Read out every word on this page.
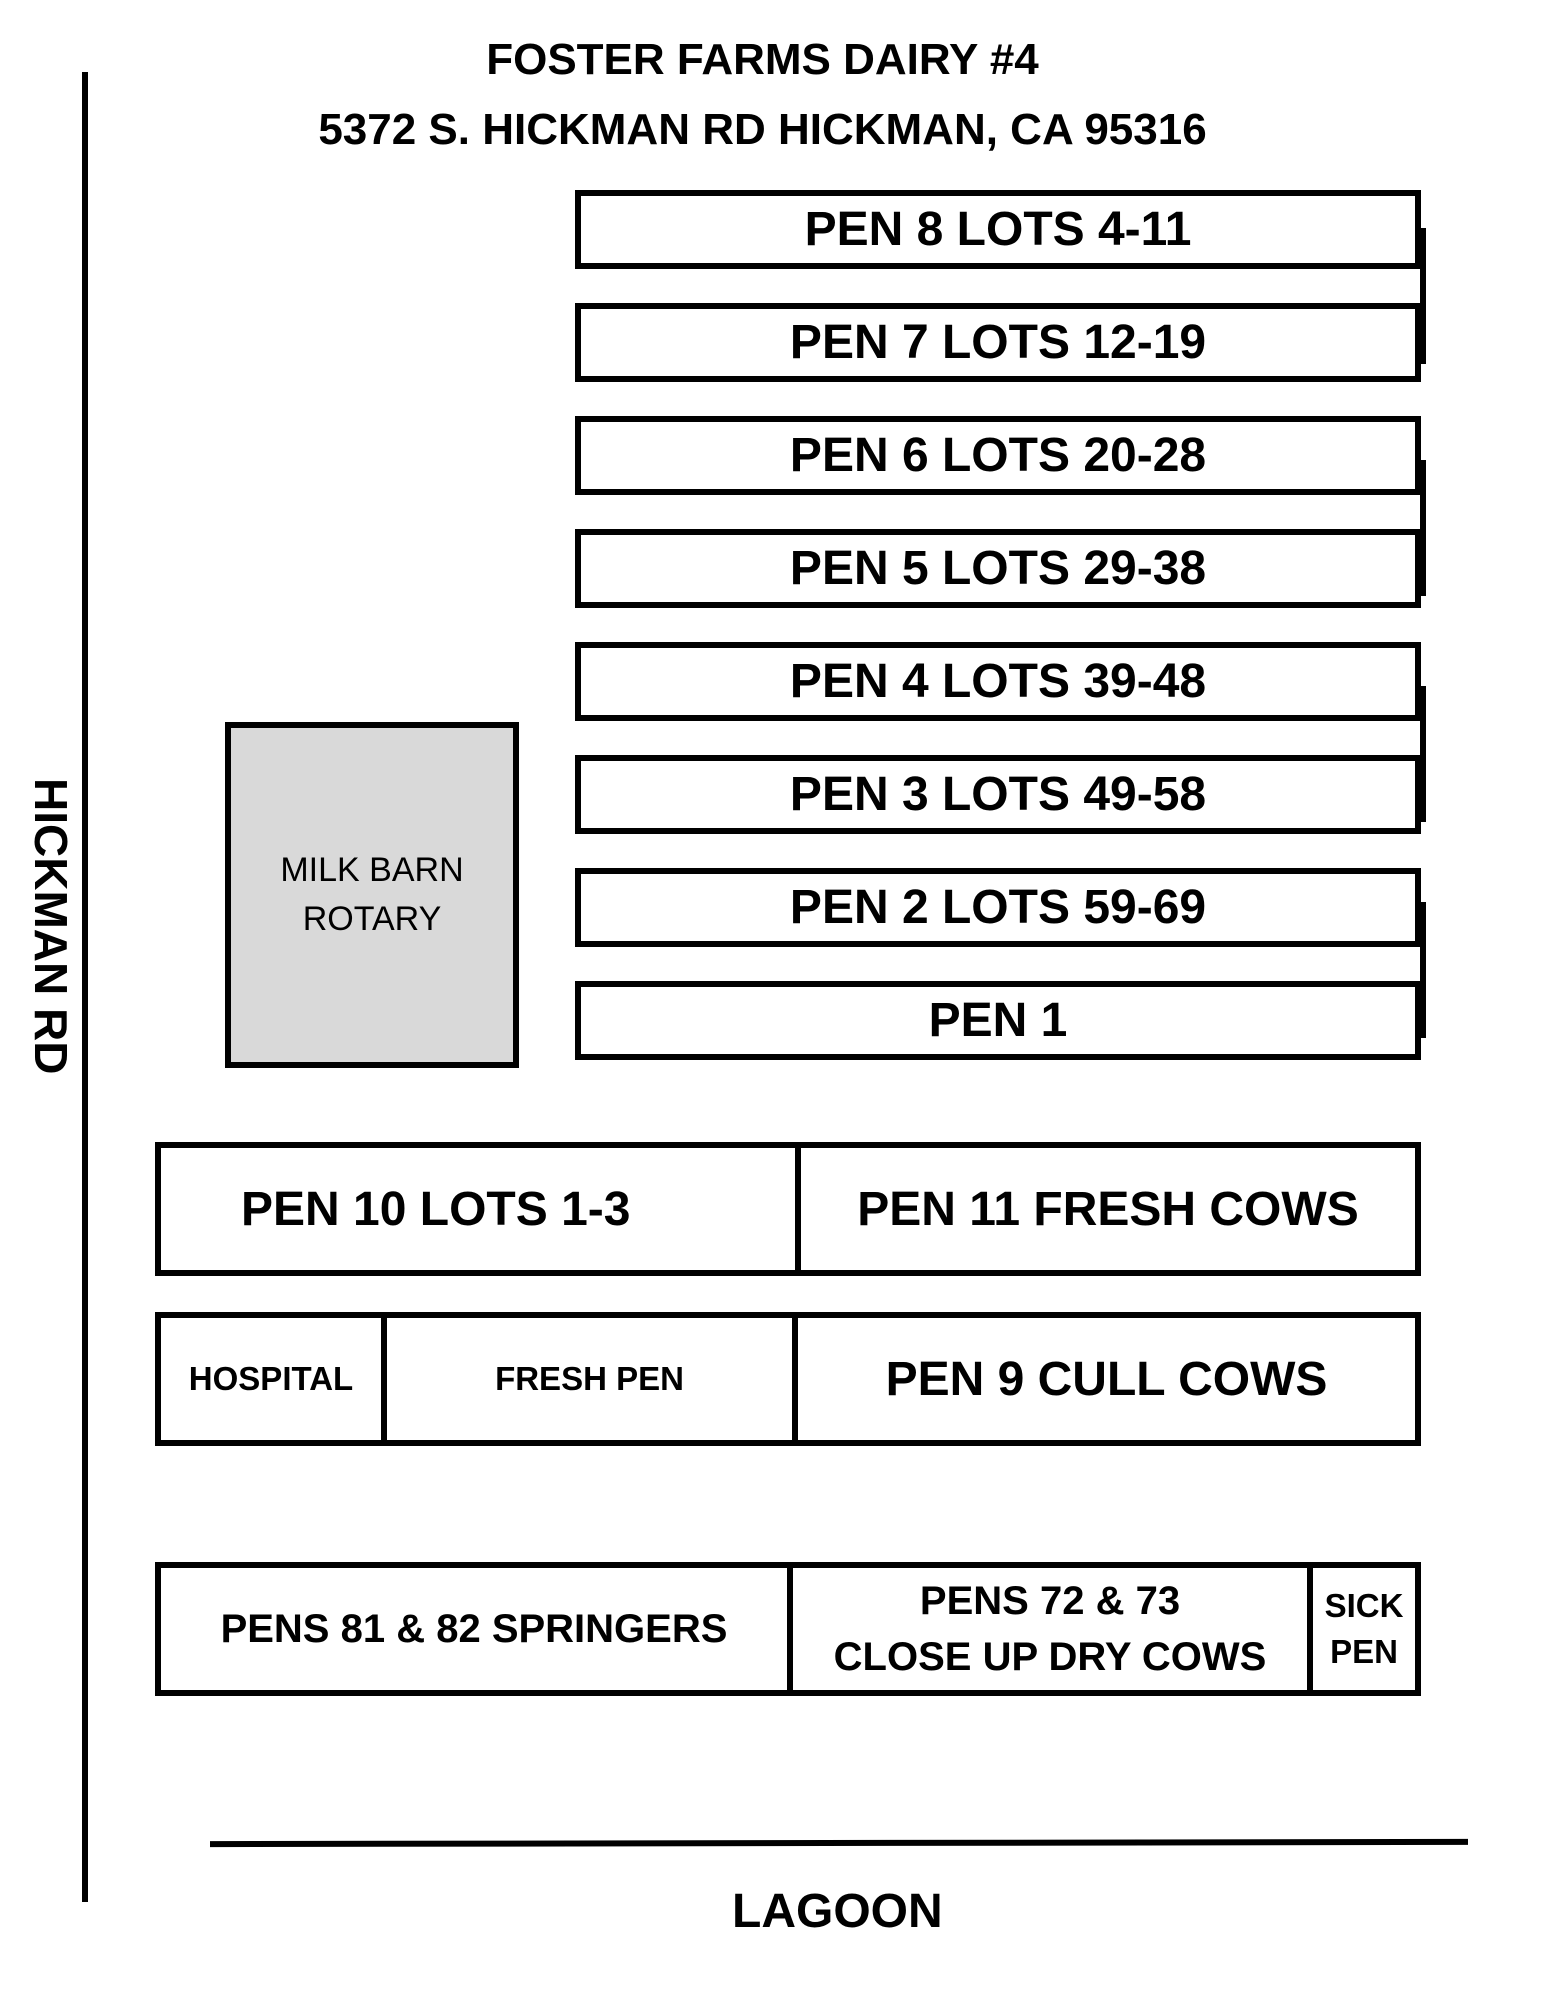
FOSTER FARMS DAIRY #4
5372 S. HICKMAN RD HICKMAN, CA 95316
HICKMAN RD	MILK BARN
ROTARY
PEN 8 LOTS 4-11
PEN 7 LOTS 12-19
PEN 6 LOTS 20-28
PEN 5 LOTS 29-38
PEN 4 LOTS 39-48
PEN 3 LOTS 49-58
PEN 2 LOTS 59-69
PEN 1
PEN 10 LOTS 1-3	PEN 11 FRESH COWS
HOSPITAL	FRESH PEN	PEN 9 CULL COWS
PENS 81 & 82 SPRINGERS
PENS 72 & 73
CLOSE UP DRY COWS
SICK
PEN
LAGOON
